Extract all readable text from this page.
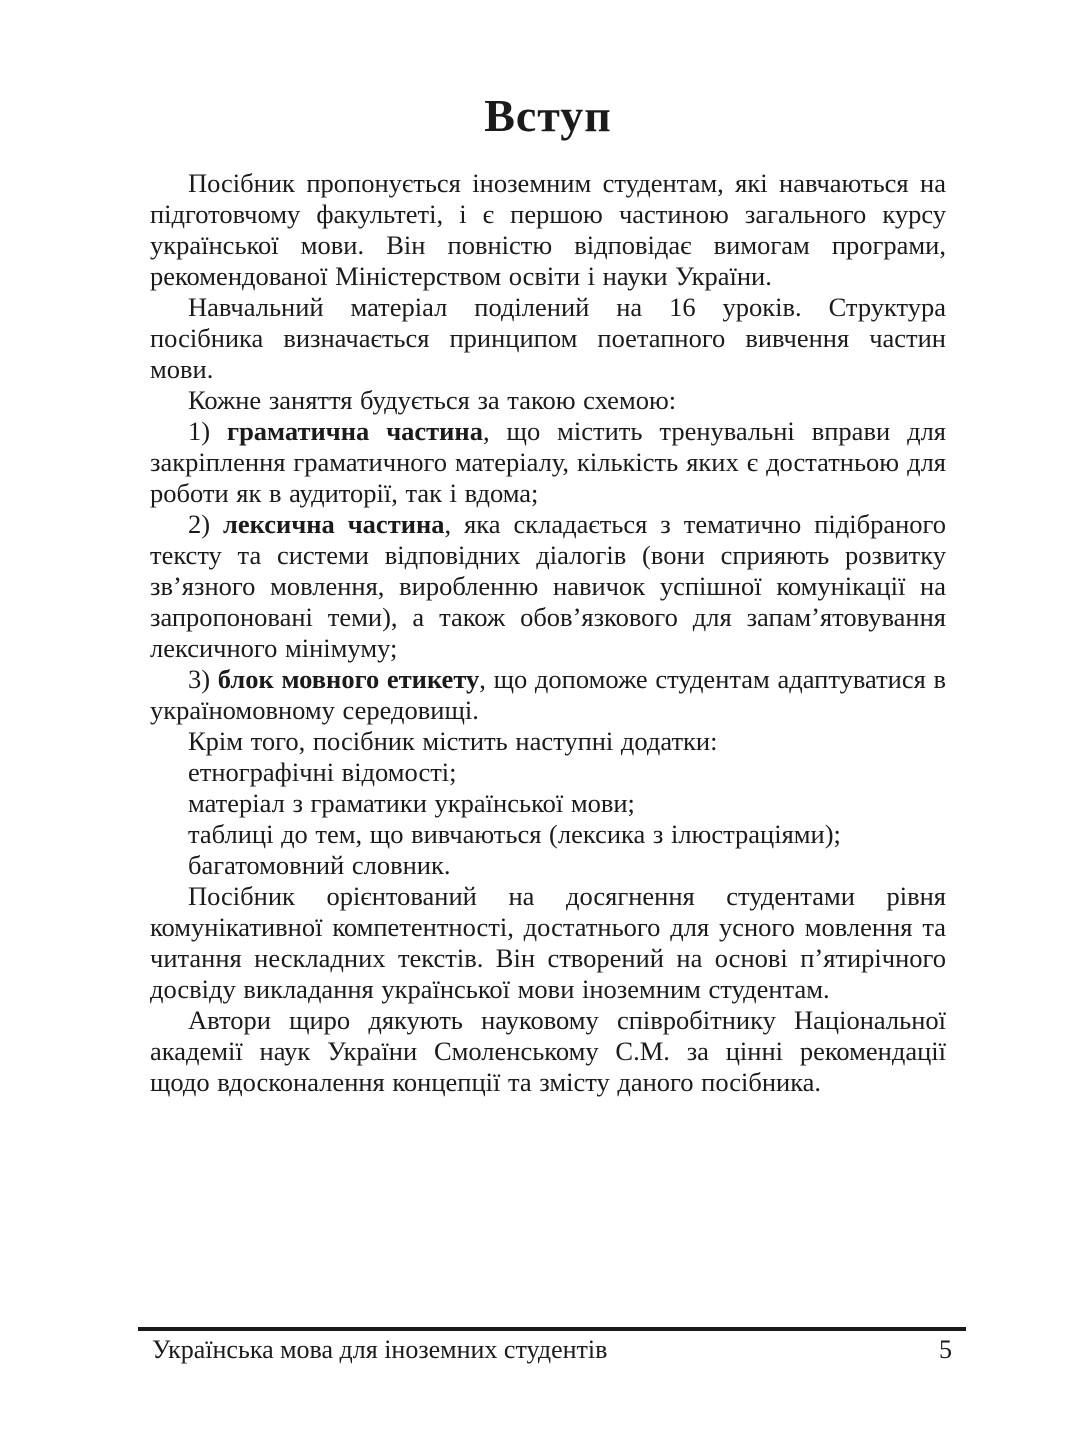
Вступ

Посібник пропонується іноземним студентам, які навчаються на підготовчому факультеті, і є першою частиною загального курсу української мови. Він повністю відповідає вимогам програми, рекомендованої Міністерством освіти і науки України.

Навчальний матеріал поділений на 16 уроків. Структура посібника визначається принципом поетапного вивчення частин мови.

Кожне заняття будується за такою схемою:

1) граматична частина, що містить тренувальні вправи для закріплення граматичного матеріалу, кількість яких є достатньою для роботи як в аудиторії, так і вдома;

2) лексична частина, яка складається з тематично підібраного тексту та системи відповідних діалогів (вони сприяють розвитку зв’язного мовлення, виробленню навичок успішної комунікації на запропоновані теми), а також обов’язкового для запам’ятовування лексичного мінімуму;

3) блок мовного етикету, що допоможе студентам адаптуватися в україномовному середовищі.

Крім того, посібник містить наступні додатки:

етнографічні відомості;

матеріал з граматики української мови;

таблиці до тем, що вивчаються (лексика з ілюстраціями);

багатомовний словник.

Посібник орієнтований на досягнення студентами рівня комунікативної компетентності, достатнього для усного мовлення та читання нескладних текстів. Він створений на основі п’ятирічного досвіду викладання української мови іноземним студентам.

Автори щиро дякують науковому співробітнику Національної академії наук України Смоленському С.М. за цінні рекомендації щодо вдосконалення концепції та змісту даного посібника.

Українська мова для іноземних студентів	5
